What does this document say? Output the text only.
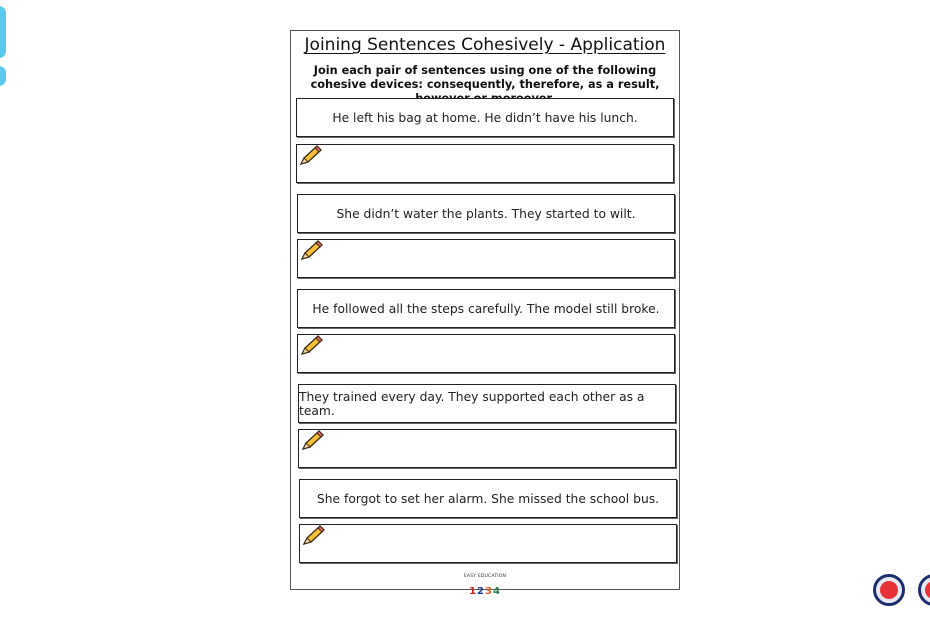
Joining Sentences Cohesively - Application
Join each pair of sentences using one of the following cohesive devices: consequently, therefore, as a result,
He left his bag at home. He didn’t have his lunch.
She didn’t water the plants. They started to wilt.
He followed all the steps carefully. The model still broke.
They trained every day. They supported each other as a team.
She forgot to set her alarm. She missed the school bus.
EASY EDUCATION
1234
